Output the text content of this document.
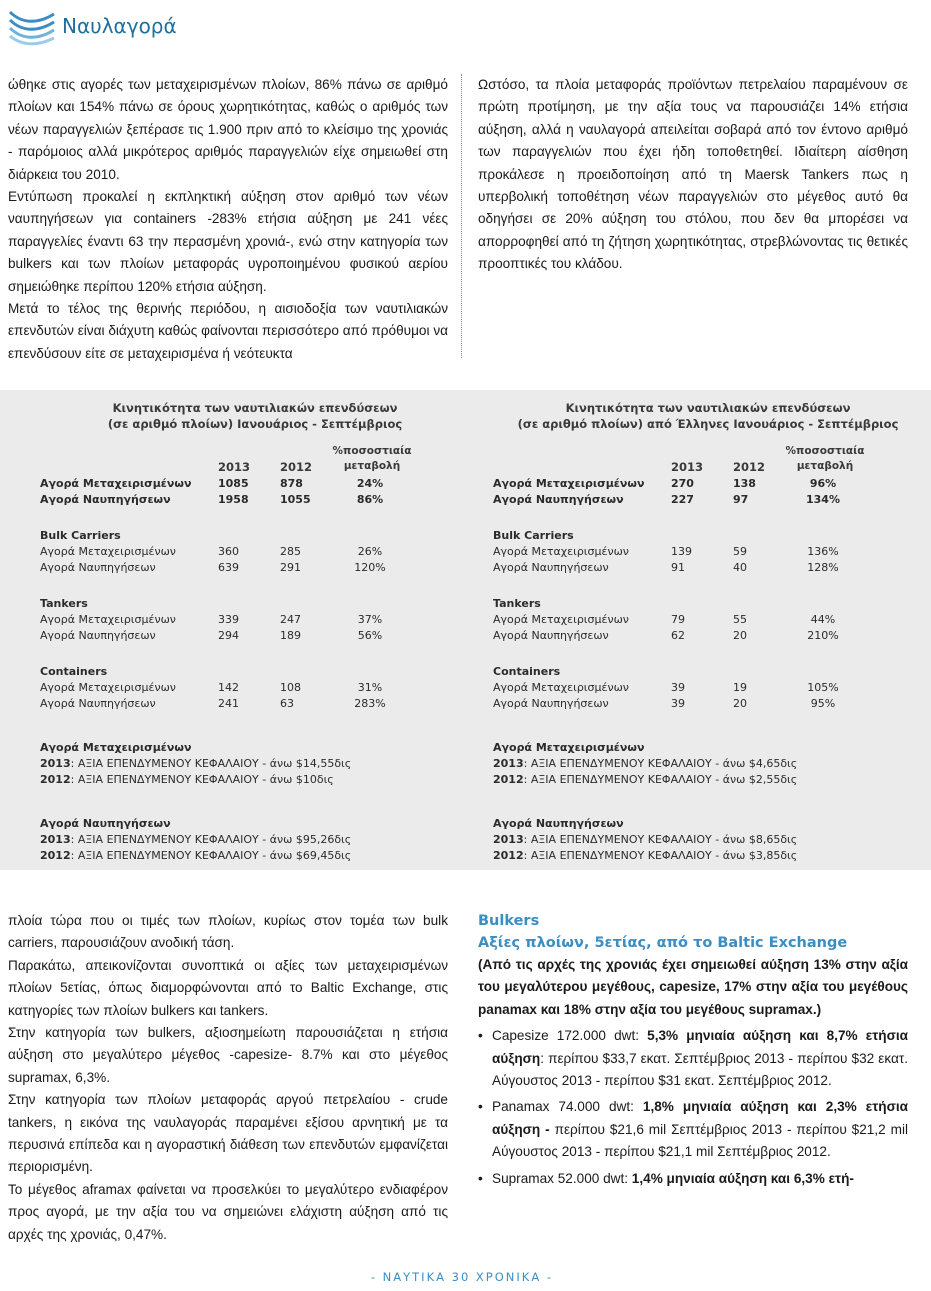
Ναυλαγορά

ώθηκε στις αγορές των μεταχειρισμένων πλοίων, 86% πάνω σε αριθμό πλοίων και 154% πάνω σε όρους χωρητικότητας, καθώς ο αριθμός των νέων παραγγελιών ξεπέρασε τις 1.900 πριν από το κλείσιμο της χρονιάς - παρόμοιος αλλά μικρότερος αριθμός παραγγελιών είχε σημειωθεί στη διάρκεια του 2010.

Εντύπωση προκαλεί η εκπληκτική αύξηση στον αριθμό των νέων ναυπηγήσεων για containers -283% ετήσια αύξηση με 241 νέες παραγγελίες έναντι 63 την περασμένη χρονιά-, ενώ στην κατηγορία των bulkers και των πλοίων μεταφοράς υγροποιημένου φυσικού αερίου σημειώθηκε περίπου 120% ετήσια αύξηση.

Μετά το τέλος της θερινής περιόδου, η αισιοδοξία των ναυτιλιακών επενδυτών είναι διάχυτη καθώς φαίνονται περισσότερο από πρόθυμοι να επενδύσουν είτε σε μεταχειρισμένα ή νεότευκτα

Ωστόσο, τα πλοία μεταφοράς προϊόντων πετρελαίου παραμένουν σε πρώτη προτίμηση, με την αξία τους να παρουσιάζει 14% ετήσια αύξηση, αλλά η ναυλαγορά απειλείται σοβαρά από τον έντονο αριθμό των παραγγελιών που έχει ήδη τοποθετηθεί. Ιδιαίτερη αίσθηση προκάλεσε η προειδοποίηση από τη Maersk Tankers πως η υπερβολική τοποθέτηση νέων παραγγελιών στο μέγεθος αυτό θα οδηγήσει σε 20% αύξηση του στόλου, που δεν θα μπορέσει να απορροφηθεί από τη ζήτηση χωρητικότητας, στρεβλώνοντας τις θετικές προοπτικές του κλάδου.

Κινητικότητα των ναυτιλιακών επενδύσεων
(σε αριθμό πλοίων) Ιανουάριος - Σεπτέμβριος
2013	2012
%ποσοστιαία
μεταβολή
Αγορά Μεταχειρισμένων 1085	878	24%
Αγορά Ναυπηγήσεων	1958	1055	86%
Bulk Carriers
Αγορά Μεταχειρισμένων	360	285	26%
Αγορά Ναυπηγήσεων	639	291	120%
Tankers
Αγορά Μεταχειρισμένων	339	247	37%
Αγορά Ναυπηγήσεων	294	189	56%
Containers
Αγορά Μεταχειρισμένων	142	108	31%
Αγορά Ναυπηγήσεων	241	63	283%
Αγορά Μεταχειρισμένων
2013: ΑΞΙΑ ΕΠΕΝΔΥΜΕΝΟΥ ΚΕΦΑΛΑΙΟΥ - άνω $14,55δις
2012: ΑΞΙΑ ΕΠΕΝΔΥΜΕΝΟΥ ΚΕΦΑΛΑΙΟΥ - άνω $10δις
Αγορά Ναυπηγήσεων
2013: ΑΞΙΑ ΕΠΕΝΔΥΜΕΝΟΥ ΚΕΦΑΛΑΙΟΥ - άνω $95,26δις
2012: ΑΞΙΑ ΕΠΕΝΔΥΜΕΝΟΥ ΚΕΦΑΛΑΙΟΥ - άνω $69,45δις
Κινητικότητα των ναυτιλιακών επενδύσεων
(σε αριθμό πλοίων) από Έλληνες Ιανουάριος - Σεπτέμβριος
2013	2012
%ποσοστιαία
μεταβολή
Αγορά Μεταχειρισμένων 270	138	96%
Αγορά Ναυπηγήσεων	227	97	134%
Bulk Carriers
Αγορά Μεταχειρισμένων	139	59	136%
Αγορά Ναυπηγήσεων	91	40	128%
Tankers
Αγορά Μεταχειρισμένων	79	55	44%
Αγορά Ναυπηγήσεων	62	20	210%
Containers
Αγορά Μεταχειρισμένων	39	19	105%
Αγορά Ναυπηγήσεων	39	20	95%
Αγορά Μεταχειρισμένων
2013: ΑΞΙΑ ΕΠΕΝΔΥΜΕΝΟΥ ΚΕΦΑΛΑΙΟΥ - άνω $4,65δις
2012: ΑΞΙΑ ΕΠΕΝΔΥΜΕΝΟΥ ΚΕΦΑΛΑΙΟΥ - άνω $2,55δις
Αγορά Ναυπηγήσεων
2013: ΑΞΙΑ ΕΠΕΝΔΥΜΕΝΟΥ ΚΕΦΑΛΑΙΟΥ - άνω $8,65δις
2012: ΑΞΙΑ ΕΠΕΝΔΥΜΕΝΟΥ ΚΕΦΑΛΑΙΟΥ - άνω $3,85δις

πλοία τώρα που οι τιμές των πλοίων, κυρίως στον τομέα των bulk carriers, παρουσιάζουν ανοδική τάση.

Παρακάτω, απεικονίζονται συνοπτικά οι αξίες των μεταχειρισμένων πλοίων 5ετίας, όπως διαμορφώνονται από το Baltic Exchange, στις κατηγορίες των πλοίων bulkers και tankers.

Στην κατηγορία των bulkers, αξιοσημείωτη παρουσιάζεται η ετήσια αύξηση στο μεγαλύτερο μέγεθος -capesize- 8.7% και στο μέγεθος supramax, 6,3%.

Στην κατηγορία των πλοίων μεταφοράς αργού πετρελαίου - crude tankers, η εικόνα της ναυλαγοράς παραμένει εξίσου αρνητική με τα περυσινά επίπεδα και η αγοραστική διάθεση των επενδυτών εμφανίζεται περιορισμένη.

Το μέγεθος aframax φαίνεται να προσελκύει το μεγαλύτερο ενδιαφέρον προς αγορά, με την αξία του να σημειώνει ελάχιστη αύξηση από τις αρχές της χρονιάς, 0,47%.

Bulkers
Αξίες πλοίων, 5ετίας, από το Baltic Exchange

(Από τις αρχές της χρονιάς έχει σημειωθεί αύξηση 13% στην αξία του μεγαλύτερου μεγέθους, capesize, 17% στην αξία του μεγέθους panamax και 18% στην αξία του μεγέθους supramax.)

• Capesize 172.000 dwt: 5,3% μηνιαία αύξηση και 8,7% ετήσια αύξηση: περίπου $33,7 εκατ. Σεπτέμβριος 2013 - περίπου $32 εκατ. Αύγουστος 2013 - περίπου $31 εκατ. Σεπτέμβριος 2012.
• Panamax 74.000 dwt: 1,8% μηνιαία αύξηση και 2,3% ετήσια αύξηση - περίπου $21,6 mil Σεπτέμβριος 2013 - περίπου $21,2 mil Αύγουστος 2013 - περίπου $21,1 mil Σεπτέμβριος 2012.
• Supramax 52.000 dwt: 1,4% μηνιαία αύξηση και 6,3% ετή-
- ΝΑΥΤΙΚΑ 30 ΧΡΟΝΙΚΑ -
